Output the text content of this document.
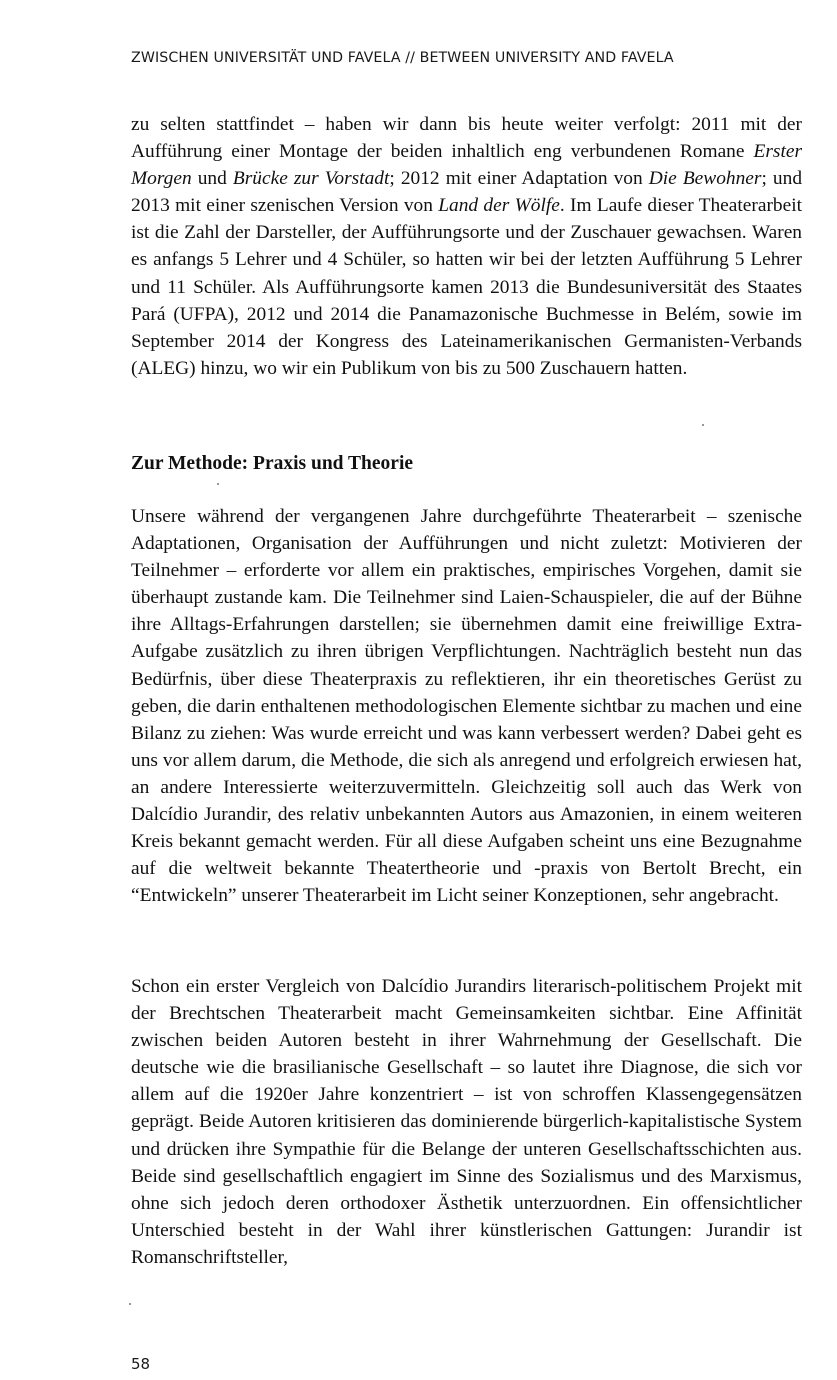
ZWISCHEN UNIVERSITÄT UND FAVELA // BETWEEN UNIVERSITY AND FAVELA

zu selten stattfindet – haben wir dann bis heute weiter verfolgt: 2011 mit der Aufführung einer Montage der beiden inhaltlich eng verbundenen Romane Erster Morgen und Brücke zur Vorstadt; 2012 mit einer Adaptation von Die Bewohner; und 2013 mit einer szenischen Version von Land der Wölfe. Im Laufe dieser Theaterarbeit ist die Zahl der Darsteller, der Aufführungsorte und der Zuschauer gewachsen. Waren es anfangs 5 Lehrer und 4 Schüler, so hatten wir bei der letzten Aufführung 5 Lehrer und 11 Schüler. Als Aufführungsorte kamen 2013 die Bundesuniversität des Staates Pará (UFPA), 2012 und 2014 die Panamazonische Buchmesse in Belém, sowie im September 2014 der Kongress des Lateinamerikanischen Germanisten-Verbands (ALEG) hinzu, wo wir ein Publikum von bis zu 500 Zuschauern hatten.

Zur Methode: Praxis und Theorie

Unsere während der vergangenen Jahre durchgeführte Theaterarbeit – szenische Adaptationen, Organisation der Aufführungen und nicht zuletzt: Motivieren der Teilnehmer – erforderte vor allem ein praktisches, empirisches Vorgehen, damit sie überhaupt zustande kam. Die Teilnehmer sind Laien-Schauspieler, die auf der Bühne ihre Alltags-Erfahrungen darstellen; sie übernehmen damit eine freiwillige Extra-Aufgabe zusätzlich zu ihren übrigen Verpflichtungen. Nachträglich besteht nun das Bedürfnis, über diese Theaterpraxis zu reflektieren, ihr ein theoretisches Gerüst zu geben, die darin enthaltenen methodologischen Elemente sichtbar zu machen und eine Bilanz zu ziehen: Was wurde erreicht und was kann verbessert werden? Dabei geht es uns vor allem darum, die Methode, die sich als anregend und erfolgreich erwiesen hat, an andere Interessierte weiterzuvermitteln. Gleichzeitig soll auch das Werk von Dalcídio Jurandir, des relativ unbekannten Autors aus Amazonien, in einem weiteren Kreis bekannt gemacht werden. Für all diese Aufgaben scheint uns eine Bezugnahme auf die weltweit bekannte Theatertheorie und -praxis von Bertolt Brecht, ein “Entwickeln” unserer Theaterarbeit im Licht seiner Konzeptionen, sehr angebracht.

Schon ein erster Vergleich von Dalcídio Jurandirs literarisch-politischem Projekt mit der Brechtschen Theaterarbeit macht Gemeinsamkeiten sichtbar. Eine Affinität zwischen beiden Autoren besteht in ihrer Wahrnehmung der Gesellschaft. Die deutsche wie die brasilianische Gesellschaft – so lautet ihre Diagnose, die sich vor allem auf die 1920er Jahre konzentriert – ist von schroffen Klassengegensätzen geprägt. Beide Autoren kritisieren das dominierende bürgerlich-kapitalistische System und drücken ihre Sympathie für die Belange der unteren Gesellschaftsschichten aus. Beide sind gesellschaftlich engagiert im Sinne des Sozialismus und des Marxismus, ohne sich jedoch deren orthodoxer Ästhetik unterzuordnen. Ein offensichtlicher Unterschied besteht in der Wahl ihrer künstlerischen Gattungen: Jurandir ist Romanschriftsteller,

58
